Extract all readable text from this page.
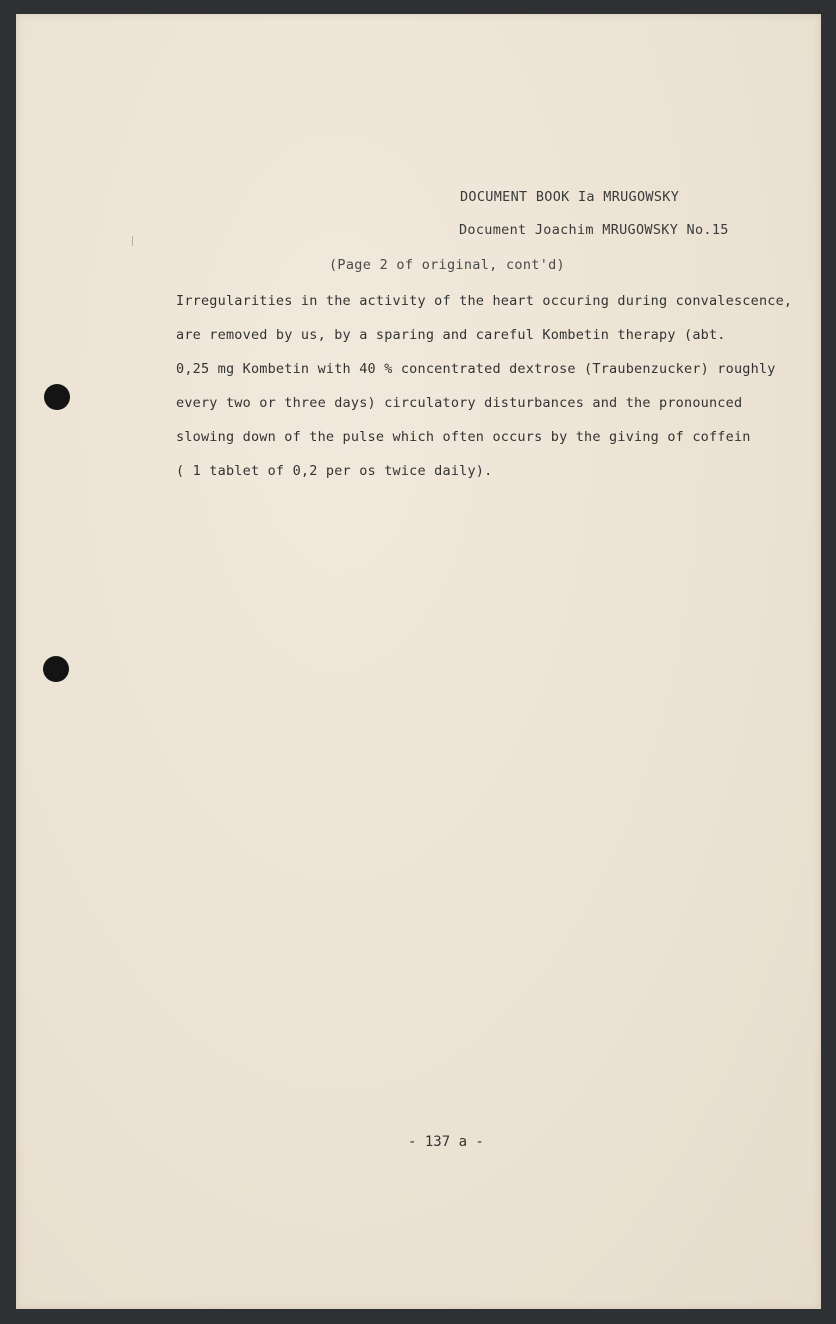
DOCUMENT BOOK Ia MRUGOWSKY
Document Joachim MRUGOWSKY No.15
(Page 2 of original, cont'd)
Irregularities in the activity of the heart occuring during convalescence,
are removed by us, by a sparing and careful Kombetin therapy (abt.
0,25 mg Kombetin with 40 % concentrated dextrose (Traubenzucker) roughly
every two or three days) circulatory disturbances and the pronounced
slowing down of the pulse which often occurs by the giving of coffein
( 1 tablet of 0,2 per os twice daily).
- 137 a -
